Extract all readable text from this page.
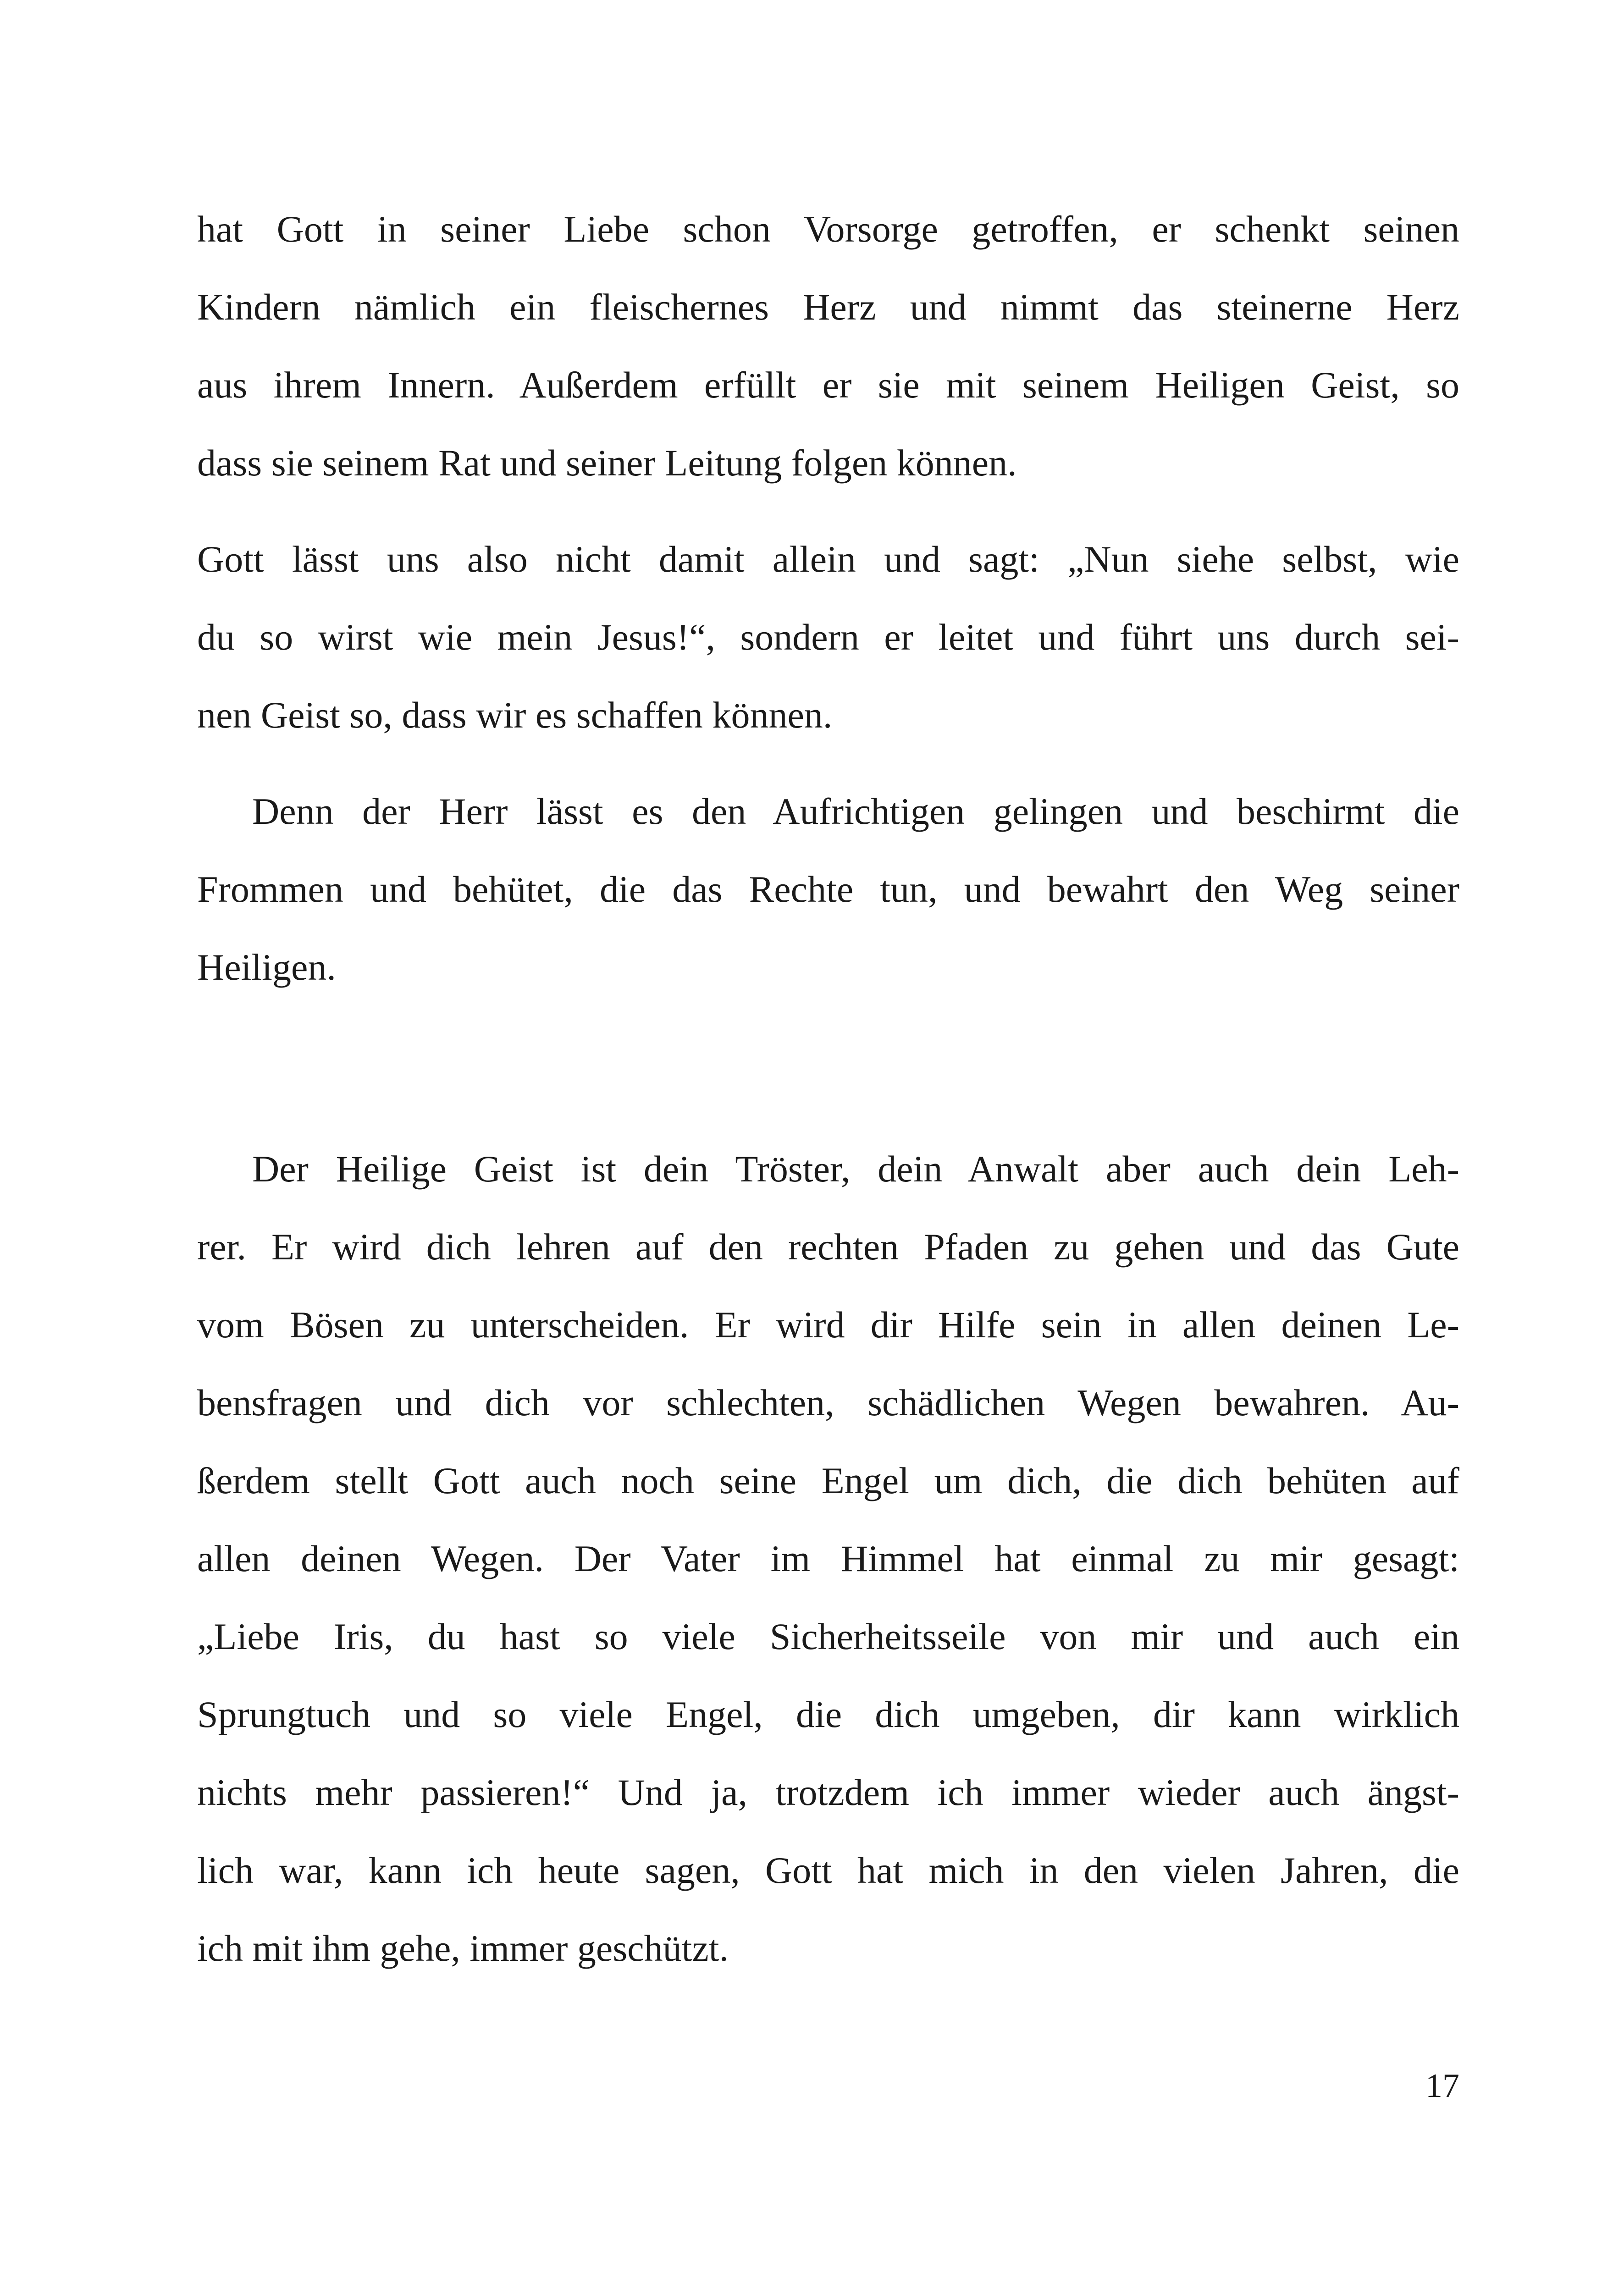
hat Gott in seiner Liebe schon Vorsorge getroffen, er schenkt seinen
Kindern nämlich ein fleischernes Herz und nimmt das steinerne Herz
aus ihrem Innern. Außerdem erfüllt er sie mit seinem Heiligen Geist, so
dass sie seinem Rat und seiner Leitung folgen können.
Gott lässt uns also nicht damit allein und sagt: „Nun siehe selbst, wie
du so wirst wie mein Jesus!“, sondern er leitet und führt uns durch sei-
nen Geist so, dass wir es schaffen können.
Denn der Herr lässt es den Aufrichtigen gelingen und beschirmt die
Frommen und behütet, die das Rechte tun, und bewahrt den Weg seiner
Heiligen.
Der Heilige Geist ist dein Tröster, dein Anwalt aber auch dein Leh-
rer. Er wird dich lehren auf den rechten Pfaden zu gehen und das Gute
vom Bösen zu unterscheiden. Er wird dir Hilfe sein in allen deinen Le-
bensfragen und dich vor schlechten, schädlichen Wegen bewahren. Au-
ßerdem stellt Gott auch noch seine Engel um dich, die dich behüten auf
allen deinen Wegen. Der Vater im Himmel hat einmal zu mir gesagt:
„Liebe Iris, du hast so viele Sicherheitsseile von mir und auch ein
Sprungtuch und so viele Engel, die dich umgeben, dir kann wirklich
nichts mehr passieren!“ Und ja, trotzdem ich immer wieder auch ängst-
lich war, kann ich heute sagen, Gott hat mich in den vielen Jahren, die
ich mit ihm gehe, immer geschützt.
17
